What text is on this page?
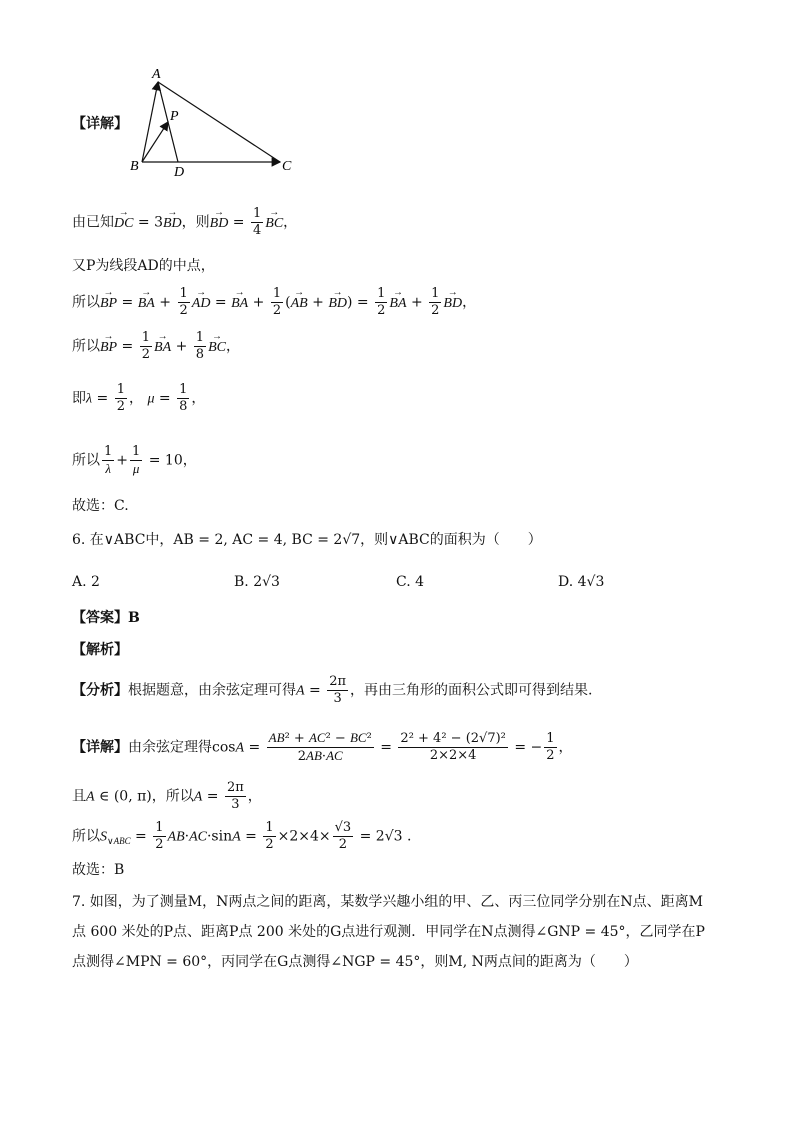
A
P
B	D	C
【详解】
由已知→ DC = 3→ BD，则→ BD = $\frac{1}{4}$ → BC，
又P为线段AD的中点，
所以→ BP = → BA + $\frac{1}{2}$ → AD = → BA + $\frac{1}{2}$ (→ AB + → $BD) = \frac{1}{2}$ → BA + $\frac{1}{2}$ → BD，
所以→ BP = $\frac{1}{2}$ → BA + $\frac{1}{8}$ → BC，
即$\lambda = \frac{1}{2}$ ， $\mu = \frac{1}{8}$ ，
所以 $\frac{1}{\lambda} + \frac{1}{\mu} = 10$，
故选：C.
6. 在∨ABC中，AB = 2, AC = 4, BC = 2√7，则∨ABC的面积为（　　）
A. 2	B. 2√3	C. 4	D. 4√3
【答案】B
【解析】
【分析】根据题意，由余弦定理可得$A = \frac{2\pi}{3}$ ，再由三角形的面积公式即可得到结果.
【详解】由余弦定理得$\cos A = \frac{\text{AB² + AC² − BC²}}{2AB\cdot AC} = \frac{\text{2² + 4² − (2√7)²}}{2\times 2\times 4}$ = − $\frac{1}{2}$ ，
且A ∈ (0, π)，所以$A = \frac{2\pi}{3}$ ，
所以$S_{\vee ABC} = \frac{1}{2} AB\cdot AC\cdot\sin A = \frac{1}{2} \times 2\times 4\times \frac{√3}{2} = 2√3$ .
故选：B
7. 如图，为了测量M，N两点之间的距离，某数学兴趣小组的甲、乙、丙三位同学分别在N点、距离M
点 600 米处的P点、距离P点 200 米处的G点进行观测．甲同学在N点测得∠GNP = 45°，乙同学在P
点测得∠MPN = 60°，丙同学在G点测得∠NGP = 45°，则M, N两点间的距离为（　　）
